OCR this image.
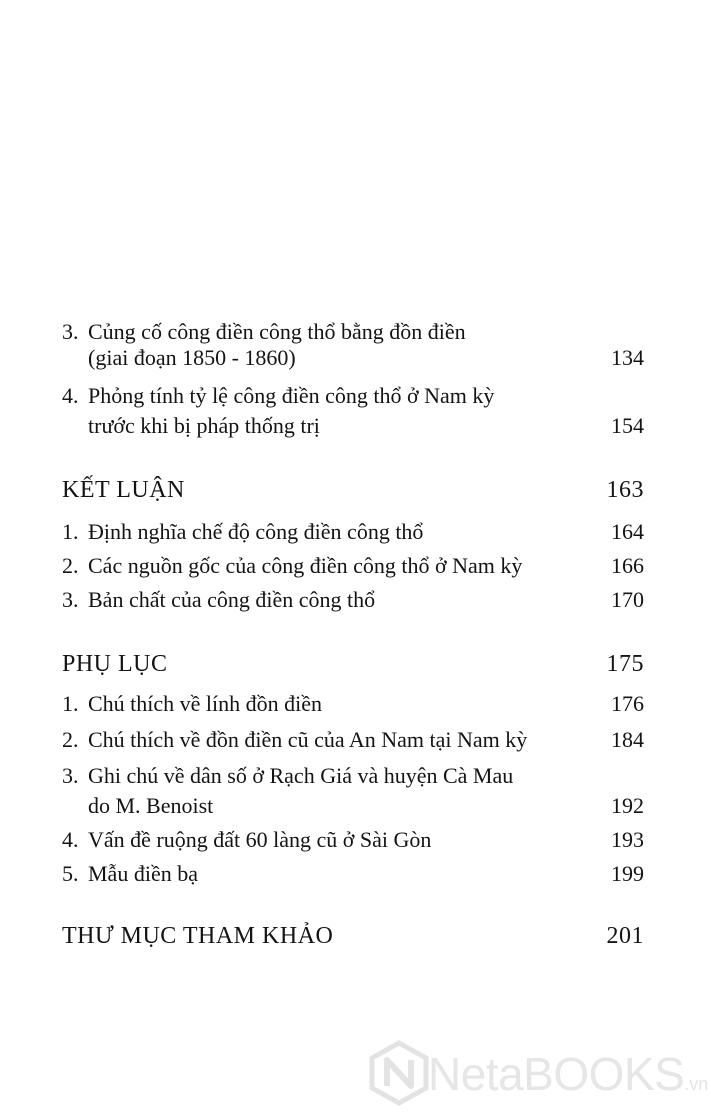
3. Củng cố công điền công thổ bằng đồn điền
(giai đoạn 1850 - 1860)	134
4. Phỏng tính tỷ lệ công điền công thổ ở Nam kỳ
trước khi bị pháp thống trị	154
KẾT LUẬN	163
1. Định nghĩa chế độ công điền công thổ	164
2. Các nguồn gốc của công điền công thổ ở Nam kỳ	166
3. Bản chất của công điền công thổ	170
PHỤ LỤC	175
1. Chú thích về lính đồn điền	176
2. Chú thích về đồn điền cũ của An Nam tại Nam kỳ	184
3. Ghi chú về dân số ở Rạch Giá và huyện Cà Mau
do M. Benoist	192
4. Vấn đề ruộng đất 60 làng cũ ở Sài Gòn	193
5. Mẫu điền bạ	199
THƯ MỤC THAM KHẢO	201
NetaBOOKS.vn
